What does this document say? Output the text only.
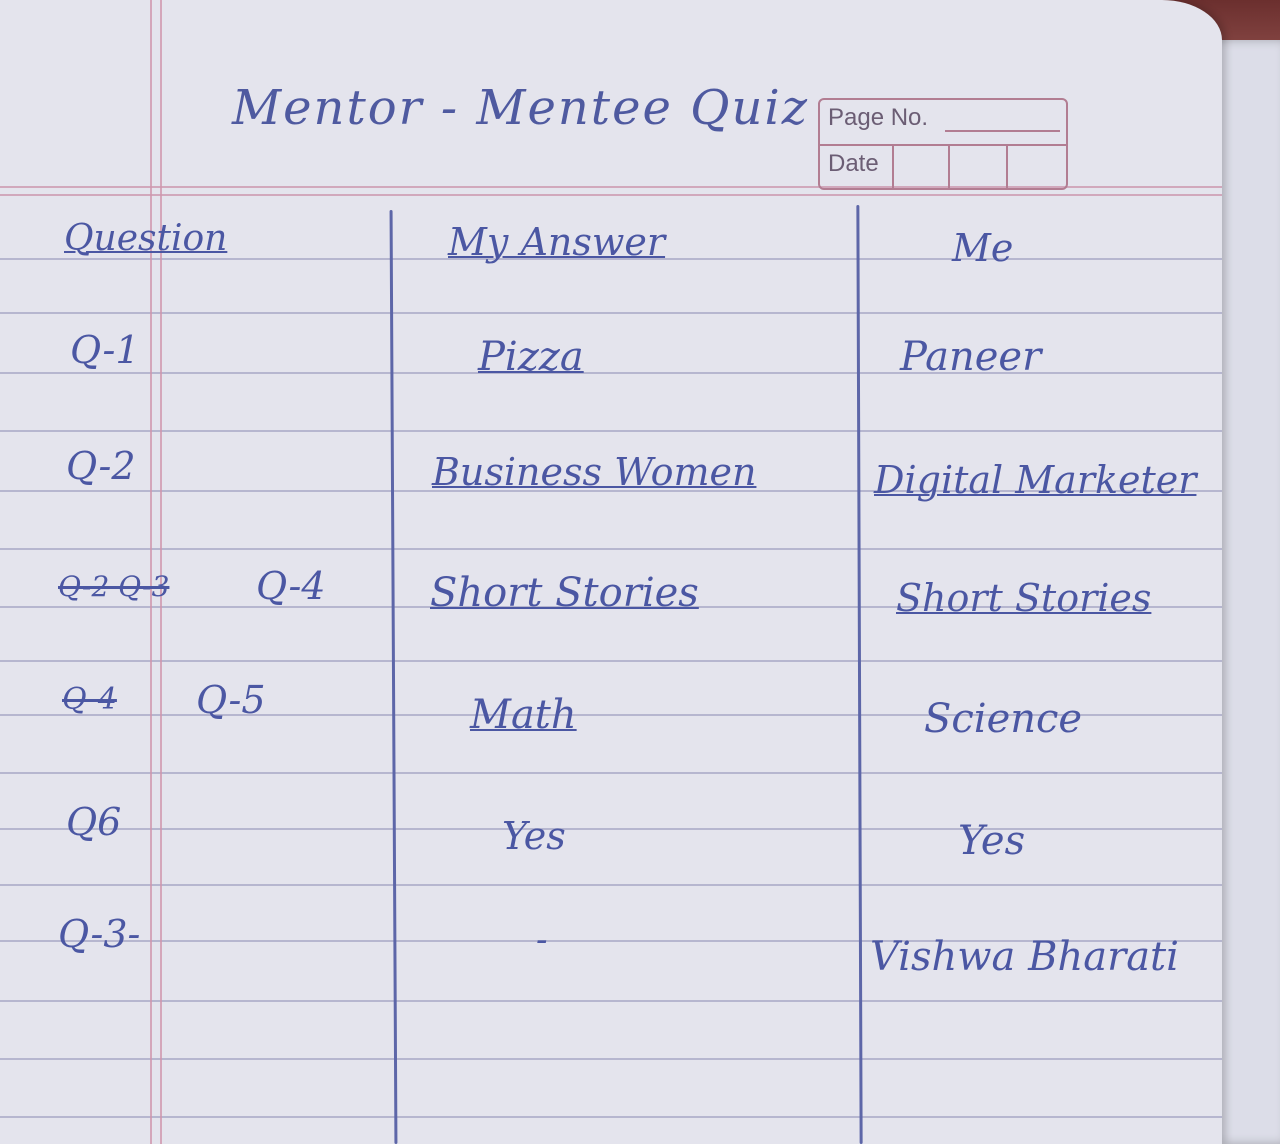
Page No.
Date
Mentor - Mentee Quiz
Question	My Answer	Me
Q-1	Pizza	Paneer
Q-2	Business Women	Digital Marketer
Q-2 Q-3 Q-4	Short Stories	Short Stories
Q-4 Q-5	Math	Science
Q6	Yes	Yes
Q-3-	-	Vishwa Bharati
